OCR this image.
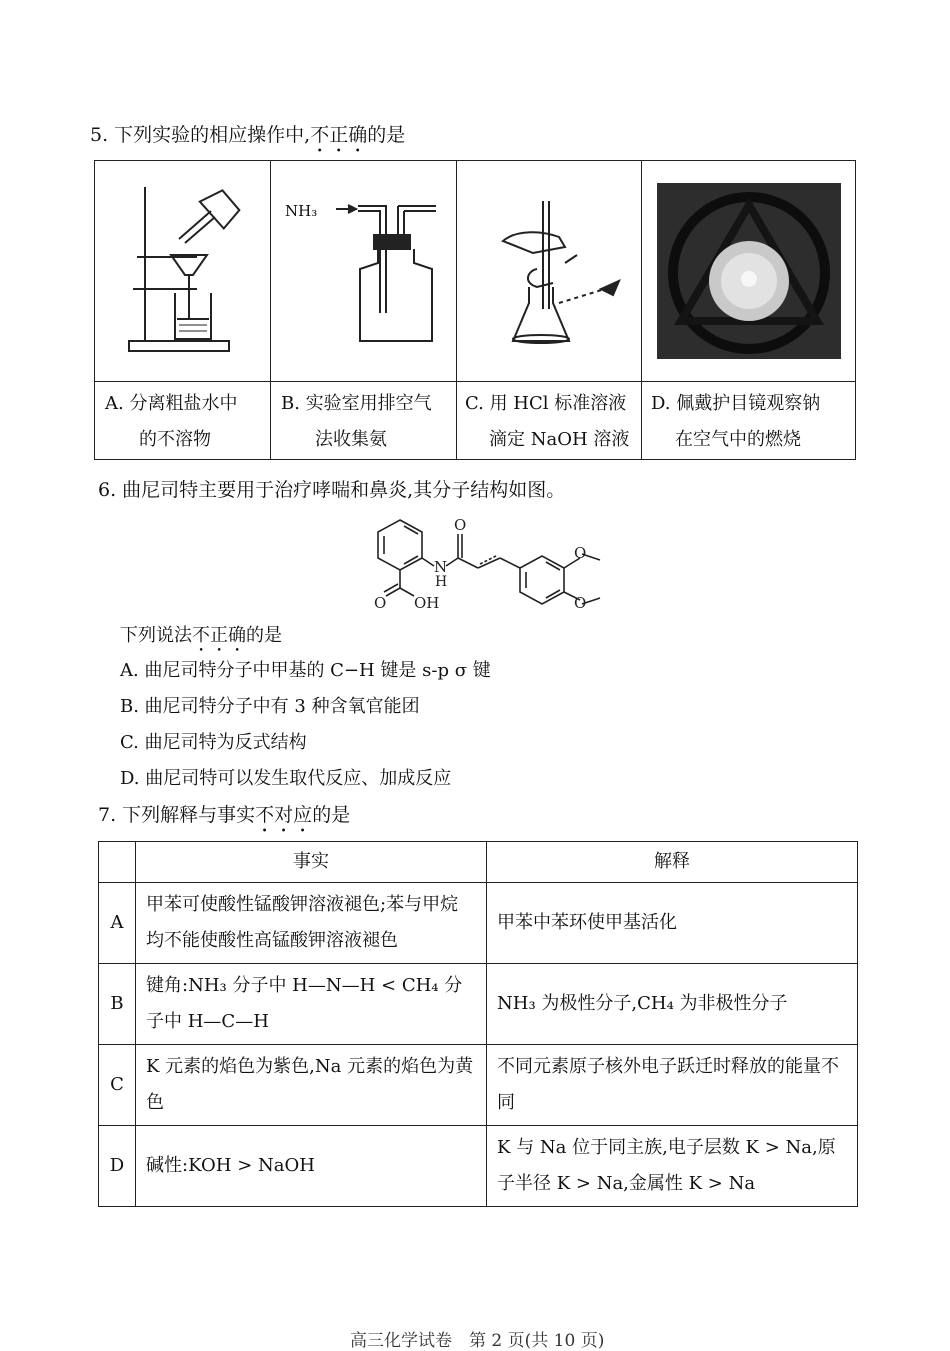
5. 下列实验的相应操作中,不正确的是
NH₃
A. 分离粗盐水中
的不溶物
B. 实验室用排空气
法收集氨
C. 用 HCl 标准溶液
滴定 NaOH 溶液
D. 佩戴护目镜观察钠
在空气中的燃烧
6. 曲尼司特主要用于治疗哮喘和鼻炎,其分子结构如图。
O
N
H
O
O
O OH
下列说法不正确的是
A. 曲尼司特分子中甲基的 C−H 键是 s-p σ 键
B. 曲尼司特分子中有 3 种含氧官能团
C. 曲尼司特为反式结构
D. 曲尼司特可以发生取代反应、加成反应
7. 下列解释与事实不对应的是
	事实	解释
A	甲苯可使酸性锰酸钾溶液褪色;苯与甲烷均不能使酸性高锰酸钾溶液褪色	甲苯中苯环使甲基活化
B	键角:NH₃ 分子中 H—N—H < CH₄ 分子中 H—C—H	NH₃ 为极性分子,CH₄ 为非极性分子
C	K 元素的焰色为紫色,Na 元素的焰色为黄色	不同元素原子核外电子跃迁时释放的能量不同
D	碱性:KOH > NaOH	K 与 Na 位于同主族,电子层数 K > Na,原子半径 K > Na,金属性 K > Na
高三化学试卷　第 2 页(共 10 页)
